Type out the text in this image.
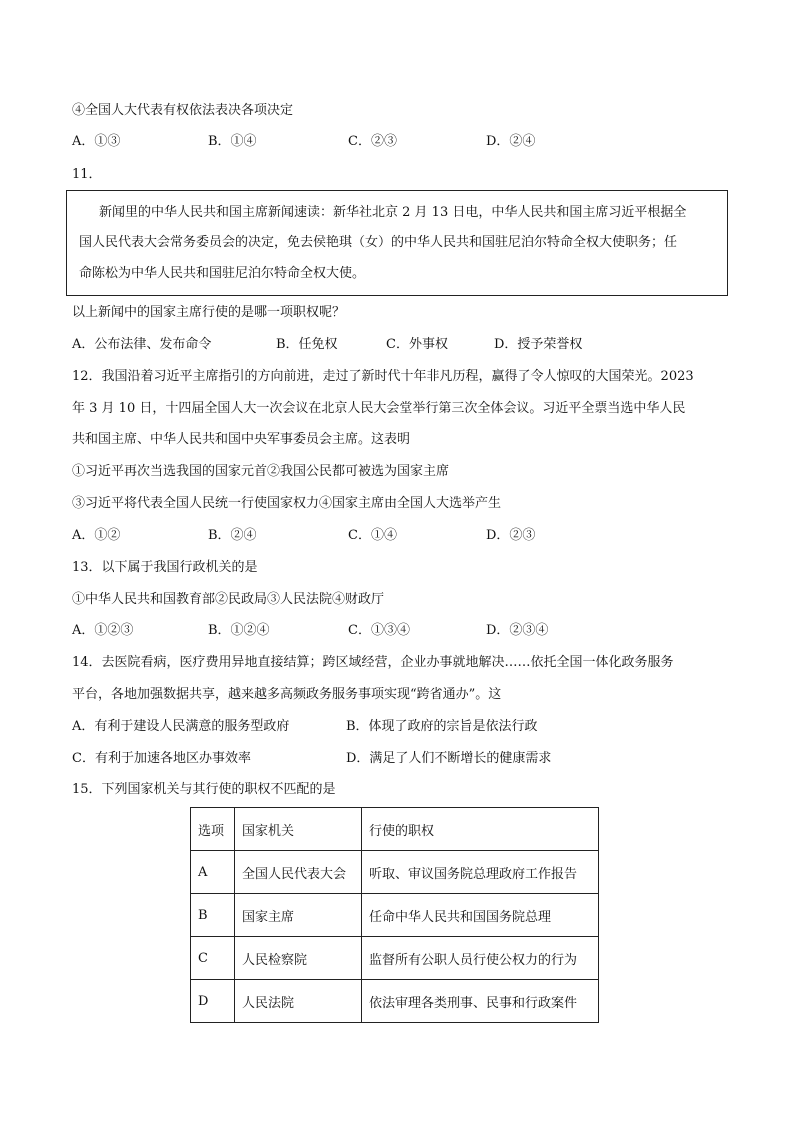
④全国人大代表有权依法表决各项决定
A．①③	B．①④	C．②③	D．②④
11．
新闻里的中华人民共和国主席新闻速读：新华社北京 2 月 13 日电，中华人民共和国主席习近平根据全
国人民代表大会常务委员会的决定，免去侯艳琪（女）的中华人民共和国驻尼泊尔特命全权大使职务；任
命陈松为中华人民共和国驻尼泊尔特命全权大使。
以上新闻中的国家主席行使的是哪一项职权呢？
A．公布法律、发布命令	B．任免权	C．外事权	D．授予荣誉权
12．我国沿着习近平主席指引的方向前进，走过了新时代十年非凡历程，赢得了令人惊叹的大国荣光。2023
年 3 月 10 日，十四届全国人大一次会议在北京人民大会堂举行第三次全体会议。习近平全票当选中华人民
共和国主席、中华人民共和国中央军事委员会主席。这表明
①习近平再次当选我国的国家元首②我国公民都可被选为国家主席
③习近平将代表全国人民统一行使国家权力④国家主席由全国人大选举产生
A．①②	B．②④	C．①④	D．②③
13．以下属于我国行政机关的是
①中华人民共和国教育部②民政局③人民法院④财政厅
A．①②③	B．①②④	C．①③④	D．②③④
14．去医院看病，医疗费用异地直接结算；跨区域经营，企业办事就地解决……依托全国一体化政务服务
平台，各地加强数据共享，越来越多高频政务服务事项实现“跨省通办”。这
A．有利于建设人民满意的服务型政府	B．体现了政府的宗旨是依法行政
C．有利于加速各地区办事效率	D．满足了人们不断增长的健康需求
15．下列国家机关与其行使的职权不匹配的是
选项	国家机关	行使的职权
A	全国人民代表大会	听取、审议国务院总理政府工作报告
B	国家主席	任命中华人民共和国国务院总理
C	人民检察院	监督所有公职人员行使公权力的行为
D	人民法院	依法审理各类刑事、民事和行政案件
